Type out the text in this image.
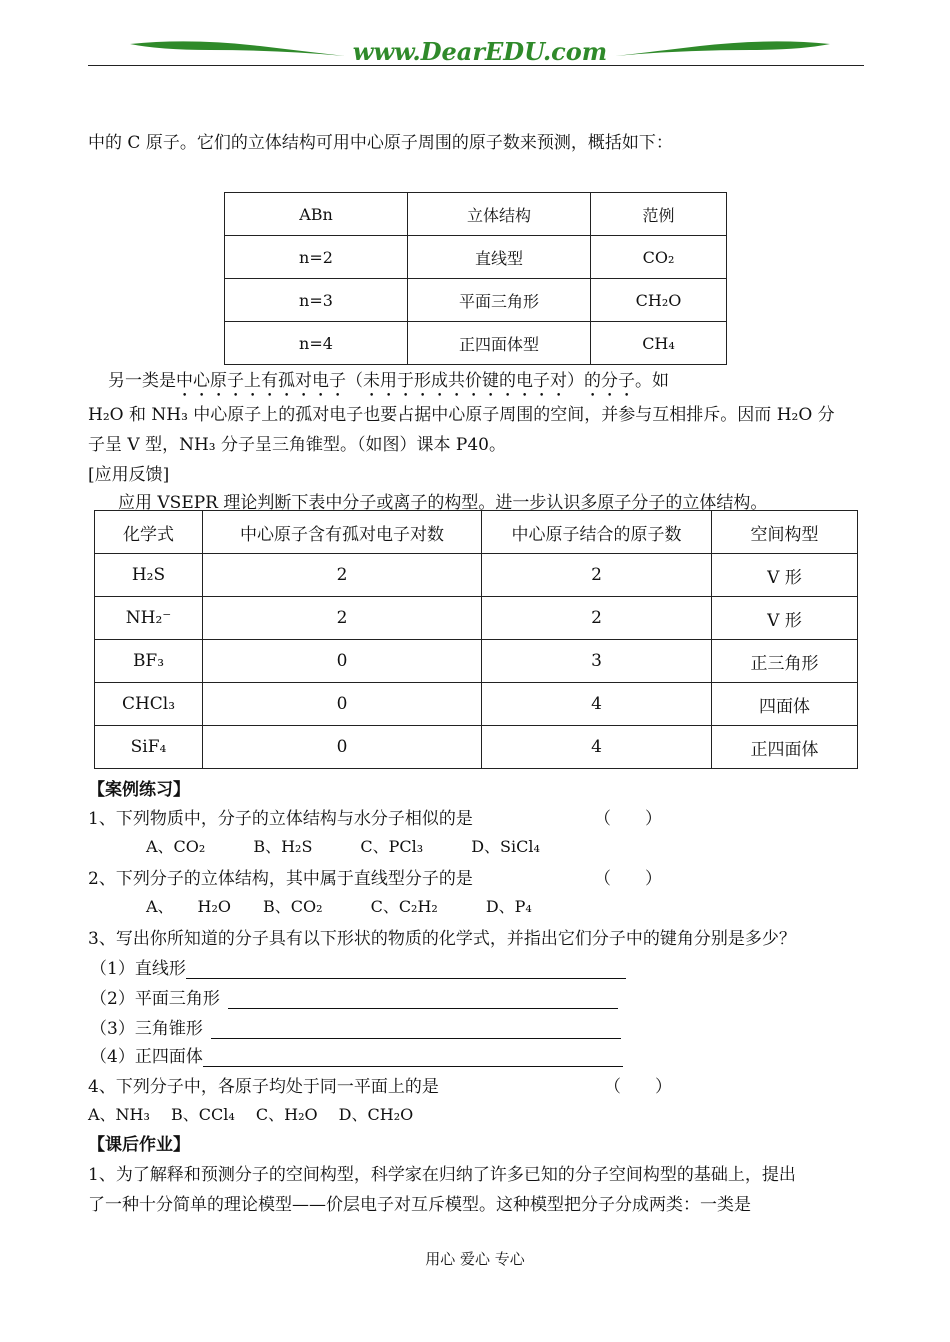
www.DearEDU.com
中的 C 原子。它们的立体结构可用中心原子周围的原子数来预测，概括如下：
ABn	立体结构	范例
n=2	直线型	CO₂
n=3	平面三角形	CH₂O
n=4	正四面体型	CH₄
另一类是中心原子上有孤对电子（未用于形成共价键的电子对）的分子。如
H₂O 和 NH₃ 中心原子上的孤对电子也要占据中心原子周围的空间，并参与互相排斥。因而 H₂O 分
子呈 V 型，NH₃ 分子呈三角锥型。（如图）课本 P40。
[应用反馈]
应用 VSEPR 理论判断下表中分子或离子的构型。进一步认识多原子分子的立体结构。
化学式	中心原子含有孤对电子对数	中心原子结合的原子数	空间构型
H₂S	2	2	V 形
NH₂⁻	2	2	V 形
BF₃	0	3	正三角形
CHCl₃	0	4	四面体
SiF₄	0	4	正四面体
【案例练习】
1、下列物质中，分子的立体结构与水分子相似的是	（　　）
A、CO₂　　　B、H₂S　　　C、PCl₃　　　D、SiCl₄
2、下列分子的立体结构，其中属于直线型分子的是	（　　）
A、　　H₂O　　B、CO₂　　　C、C₂H₂　　　D、P₄
3、写出你所知道的分子具有以下形状的物质的化学式，并指出它们分子中的键角分别是多少？
（1）直线形
（2）平面三角形
（3）三角锥形
（4）正四面体
4、下列分子中，各原子均处于同一平面上的是	（　　）
A、NH₃　 B、CCl₄　 C、H₂O　 D、CH₂O
【课后作业】
1、为了解释和预测分子的空间构型，科学家在归纳了许多已知的分子空间构型的基础上，提出
了一种十分简单的理论模型——价层电子对互斥模型。这种模型把分子分成两类：一类是
用心 爱心 专心
